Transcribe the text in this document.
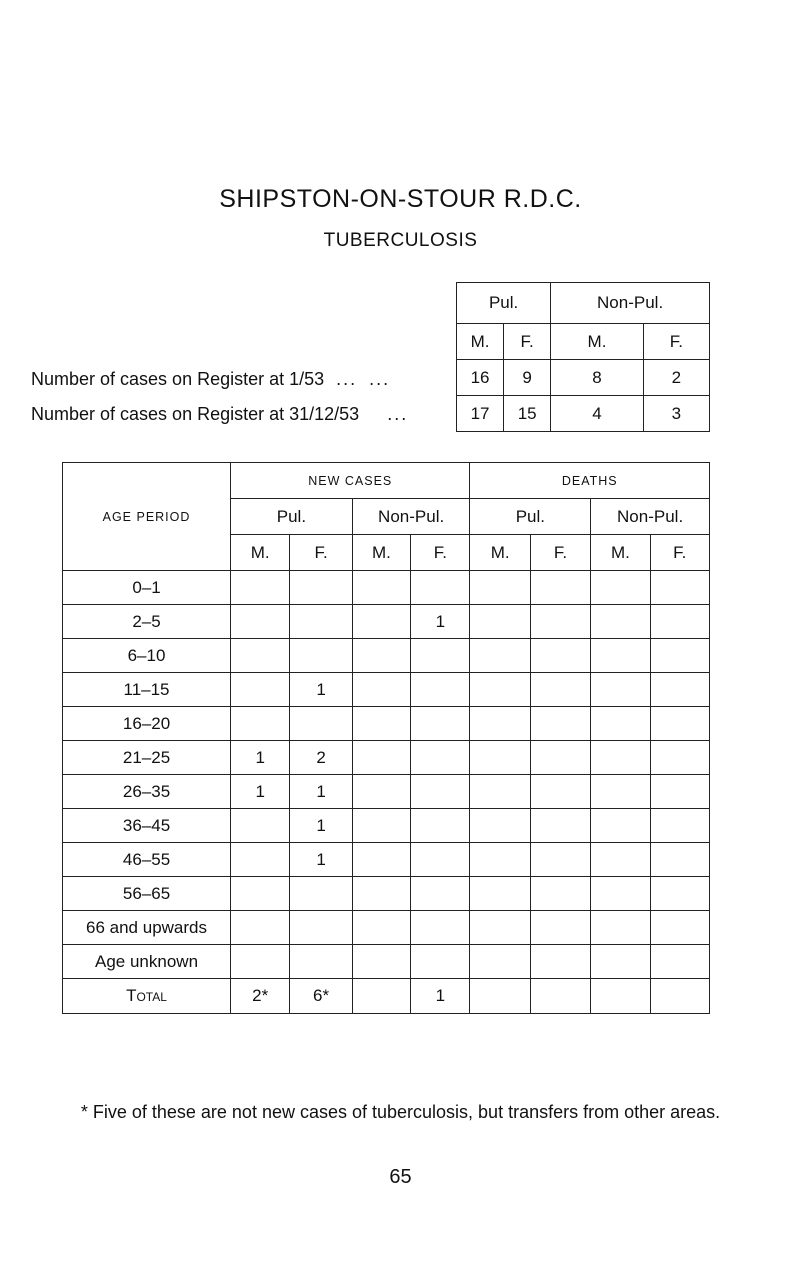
SHIPSTON-ON-STOUR R.D.C.
TUBERCULOSIS
Number of cases on Register at 1/53 ... ...
Number of cases on Register at 31/12/53 ...
Pul.		Non-Pul.	
M.	F.	M.	F.
16	9	8	2
17	15	4	3
AGE PERIOD	NEW CASES				DEATHS			
	Pul.		Non-Pul.		Pul.		Non-Pul.	
	M.	F.	M.	F.	M.	F.	M.	F.
0–1								
2–5				1				
6–10								
11–15		1						
16–20								
21–25	1	2						
26–35	1	1						
36–45		1						
46–55		1						
56–65								
66 and upwards								
Age unknown								
Total	2*	6*		1				
* Five of these are not new cases of tuberculosis, but transfers from other areas.
65
